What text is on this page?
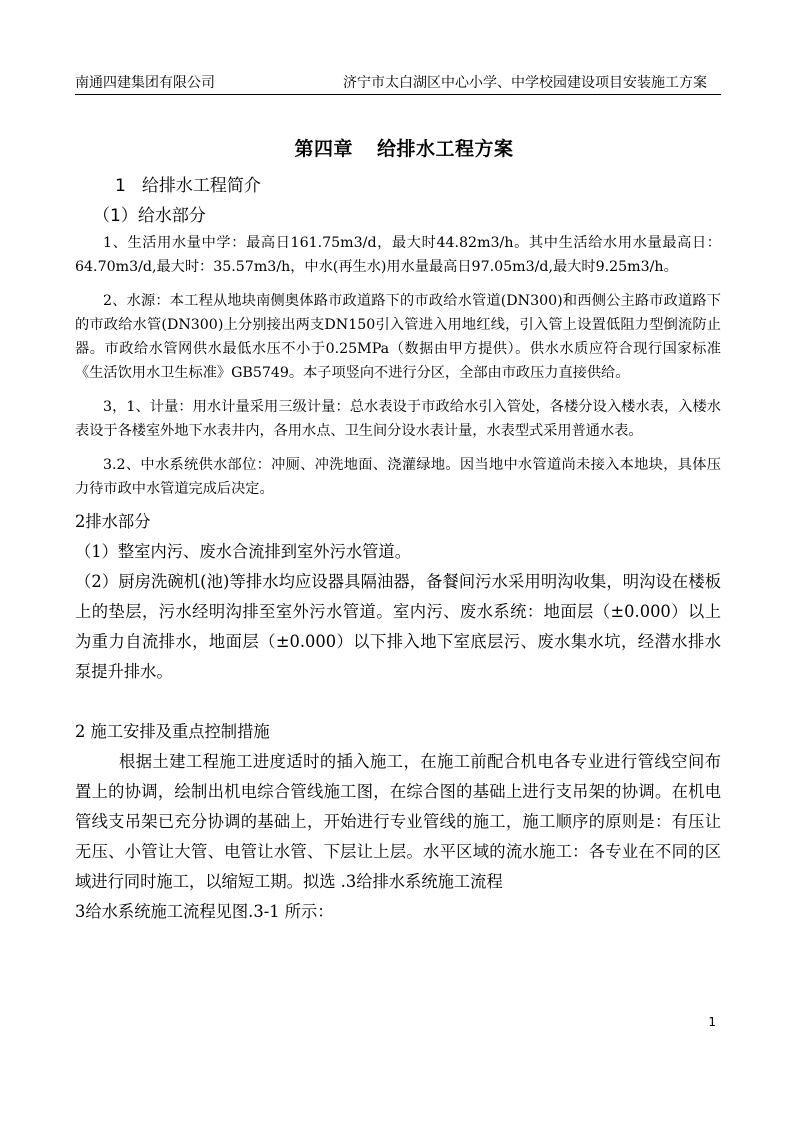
南通四建集团有限公司	济宁市太白湖区中心小学、中学校园建设项目安装施工方案
第四章 给排水工程方案
1 给排水工程简介
（1）给水部分

1、生活用水量中学：最高日161.75m3/d，最大时44.82m3/h。其中生活给水用水量最高日：64.70m3/d,最大时：35.57m3/h，中水(再生水)用水量最高日97.05m3/d,最大时9.25m3/h。

2、水源：本工程从地块南侧奥体路市政道路下的市政给水管道(DN300)和西侧公主路市政道路下的市政给水管(DN300)上分别接出两支DN150引入管进入用地红线，引入管上设置低阻力型倒流防止器。市政给水管网供水最低水压不小于0.25MPa（数据由甲方提供）。供水水质应符合现行国家标准《生活饮用水卫生标准》GB5749。本子项竖向不进行分区，全部由市政压力直接供给。

3，1、计量：用水计量采用三级计量：总水表设于市政给水引入管处，各楼分设入楼水表，入楼水表设于各楼室外地下水表井内，各用水点、卫生间分设水表计量，水表型式采用普通水表。

3.2、中水系统供水部位：冲厕、冲洗地面、浇灌绿地。因当地中水管道尚未接入本地块，具体压力待市政中水管道完成后决定。

2排水部分

（1）整室内污、废水合流排到室外污水管道。

（2）厨房洗碗机(池)等排水均应设器具隔油器，备餐间污水采用明沟收集，明沟设在楼板上的垫层，污水经明沟排至室外污水管道。室内污、废水系统：地面层（±0.000）以上为重力自流排水，地面层（±0.000）以下排入地下室底层污、废水集水坑，经潜水排水泵提升排水。

2 施工安排及重点控制措施

根据土建工程施工进度适时的插入施工，在施工前配合机电各专业进行管线空间布置上的协调，绘制出机电综合管线施工图，在综合图的基础上进行支吊架的协调。在机电管线支吊架已充分协调的基础上，开始进行专业管线的施工，施工顺序的原则是：有压让无压、小管让大管、电管让水管、下层让上层。水平区域的流水施工：各专业在不同的区域进行同时施工，以缩短工期。拟选 .3给排水系统施工流程

3给水系统施工流程见图.3-1 所示：

1
